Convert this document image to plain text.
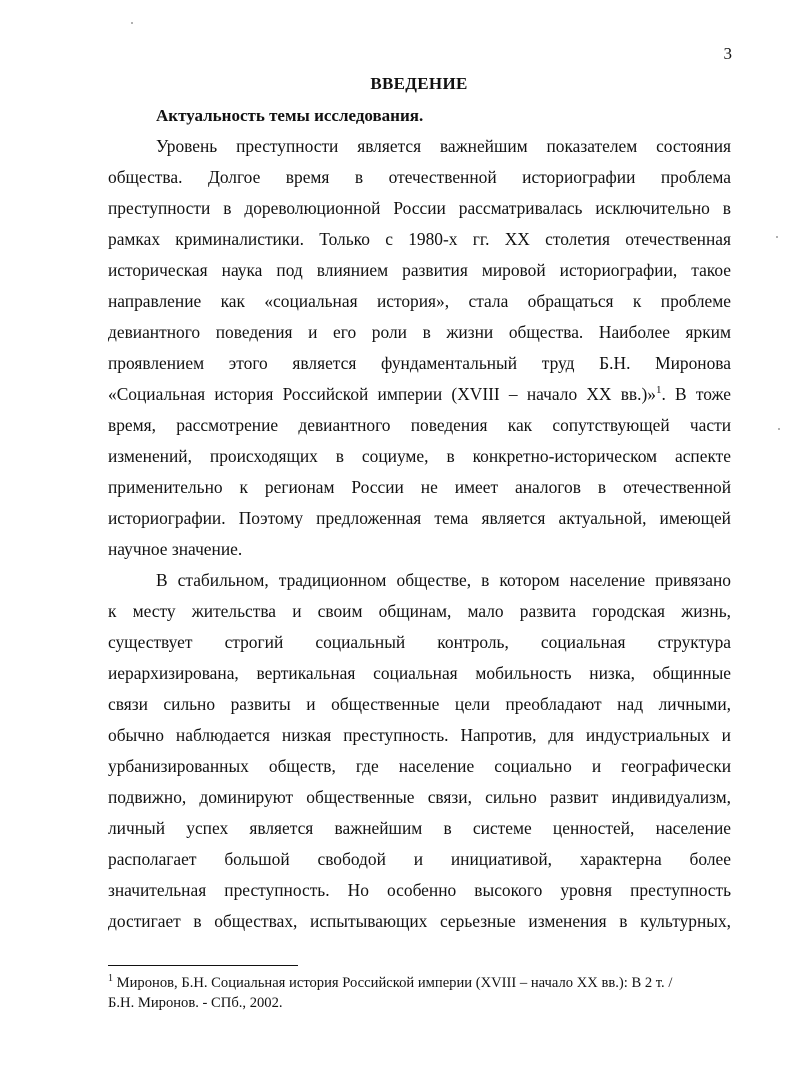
3
ВВЕДЕНИЕ
Актуальность темы исследования.
Уровень преступности является важнейшим показателем состояния
общества. Долгое время в отечественной историографии проблема
преступности в дореволюционной России рассматривалась исключительно в
рамках криминалистики. Только с 1980-х гг. XX столетия отечественная
историческая наука под влиянием развития мировой историографии, такое
направление как «социальная история», стала обращаться к проблеме
девиантного поведения и его роли в жизни общества. Наиболее ярким
проявлением этого является фундаментальный труд Б.Н. Миронова
«Социальная история Российской империи (XVIII – начало XX вв.)»$^1$. В тоже
время, рассмотрение девиантного поведения как сопутствующей части
изменений, происходящих в социуме, в конкретно-историческом аспекте
применительно к регионам России не имеет аналогов в отечественной
историографии. Поэтому предложенная тема является актуальной, имеющей
научное значение.
В стабильном, традиционном обществе, в котором население привязано
к месту жительства и своим общинам, мало развита городская жизнь,
существует строгий социальный контроль, социальная структура
иерархизирована, вертикальная социальная мобильность низка, общинные
связи сильно развиты и общественные цели преобладают над личными,
обычно наблюдается низкая преступность. Напротив, для индустриальных и
урбанизированных обществ, где население социально и географически
подвижно, доминируют общественные связи, сильно развит индивидуализм,
личный успех является важнейшим в системе ценностей, население
располагает большой свободой и инициативой, характерна более
значительная преступность. Но особенно высокого уровня преступность
достигает в обществах, испытывающих серьезные изменения в культурных,
$^1$ Миронов, Б.Н. Социальная история Российской империи (XVIII – начало XX вв.): В 2 т. /
Б.Н. Миронов. - СПб., 2002.
